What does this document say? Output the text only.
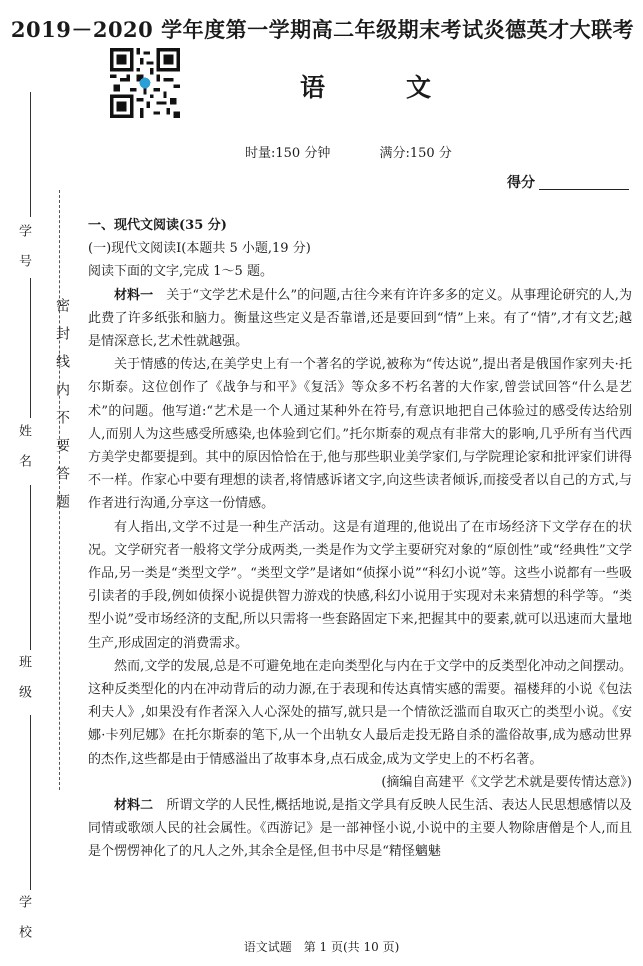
2019－2020 学年度第一学期高二年级期末考试炎德英才大联考
语　文
时量:150 分钟	满分:150 分
得分
学　号
姓　名
班　级
学　校
密　封　线　内　不　要　答　题

一、现代文阅读(35 分)

(一)现代文阅读Ⅰ(本题共 5 小题,19 分)

阅读下面的文字,完成 1～5 题。

材料一　关于“文学艺术是什么”的问题,古往今来有许许多多的定义。从事理论研究的人,为此费了许多纸张和脑力。衡量这些定义是否靠谱,还是要回到“情”上来。有了“情”,才有文艺;越是情深意长,艺术性就越强。

关于情感的传达,在美学史上有一个著名的学说,被称为“传达说”,提出者是俄国作家列夫·托尔斯泰。这位创作了《战争与和平》《复活》等众多不朽名著的大作家,曾尝试回答“什么是艺术”的问题。他写道:“艺术是一个人通过某种外在符号,有意识地把自己体验过的感受传达给别人,而别人为这些感受所感染,也体验到它们。”托尔斯泰的观点有非常大的影响,几乎所有当代西方美学史都要提到。其中的原因恰恰在于,他与那些职业美学家们,与学院理论家和批评家们讲得不一样。作家心中要有理想的读者,将情感诉诸文字,向这些读者倾诉,而接受者以自己的方式,与作者进行沟通,分享这一份情感。

有人指出,文学不过是一种生产活动。这是有道理的,他说出了在市场经济下文学存在的状况。文学研究者一般将文学分成两类,一类是作为文学主要研究对象的“原创性”或“经典性”文学作品,另一类是“类型文学”。“类型文学”是诸如“侦探小说”“科幻小说”等。这些小说都有一些吸引读者的手段,例如侦探小说提供智力游戏的快感,科幻小说用于实现对未来猜想的科学等。“类型小说”受市场经济的支配,所以只需将一些套路固定下来,把握其中的要素,就可以迅速而大量地生产,形成固定的消费需求。

然而,文学的发展,总是不可避免地在走向类型化与内在于文学中的反类型化冲动之间摆动。这种反类型化的内在冲动背后的动力源,在于表现和传达真情实感的需要。福楼拜的小说《包法利夫人》,如果没有作者深入人心深处的描写,就只是一个情欲泛滥而自取灭亡的类型小说。《安娜·卡列尼娜》在托尔斯泰的笔下,从一个出轨女人最后走投无路自杀的滥俗故事,成为感动世界的杰作,这些都是由于情感溢出了故事本身,点石成金,成为文学史上的不朽名著。

(摘编自高建平《文学艺术就是要传情达意》)

材料二　所谓文学的人民性,概括地说,是指文学具有反映人民生活、表达人民思想感情以及同情或歌颂人民的社会属性。《西游记》是一部神怪小说,小说中的主要人物除唐僧是个人,而且是个愣愣神化了的凡人之外,其余全是怪,但书中尽是“精怪魑魅

语文试题　第 1 页(共 10 页)
